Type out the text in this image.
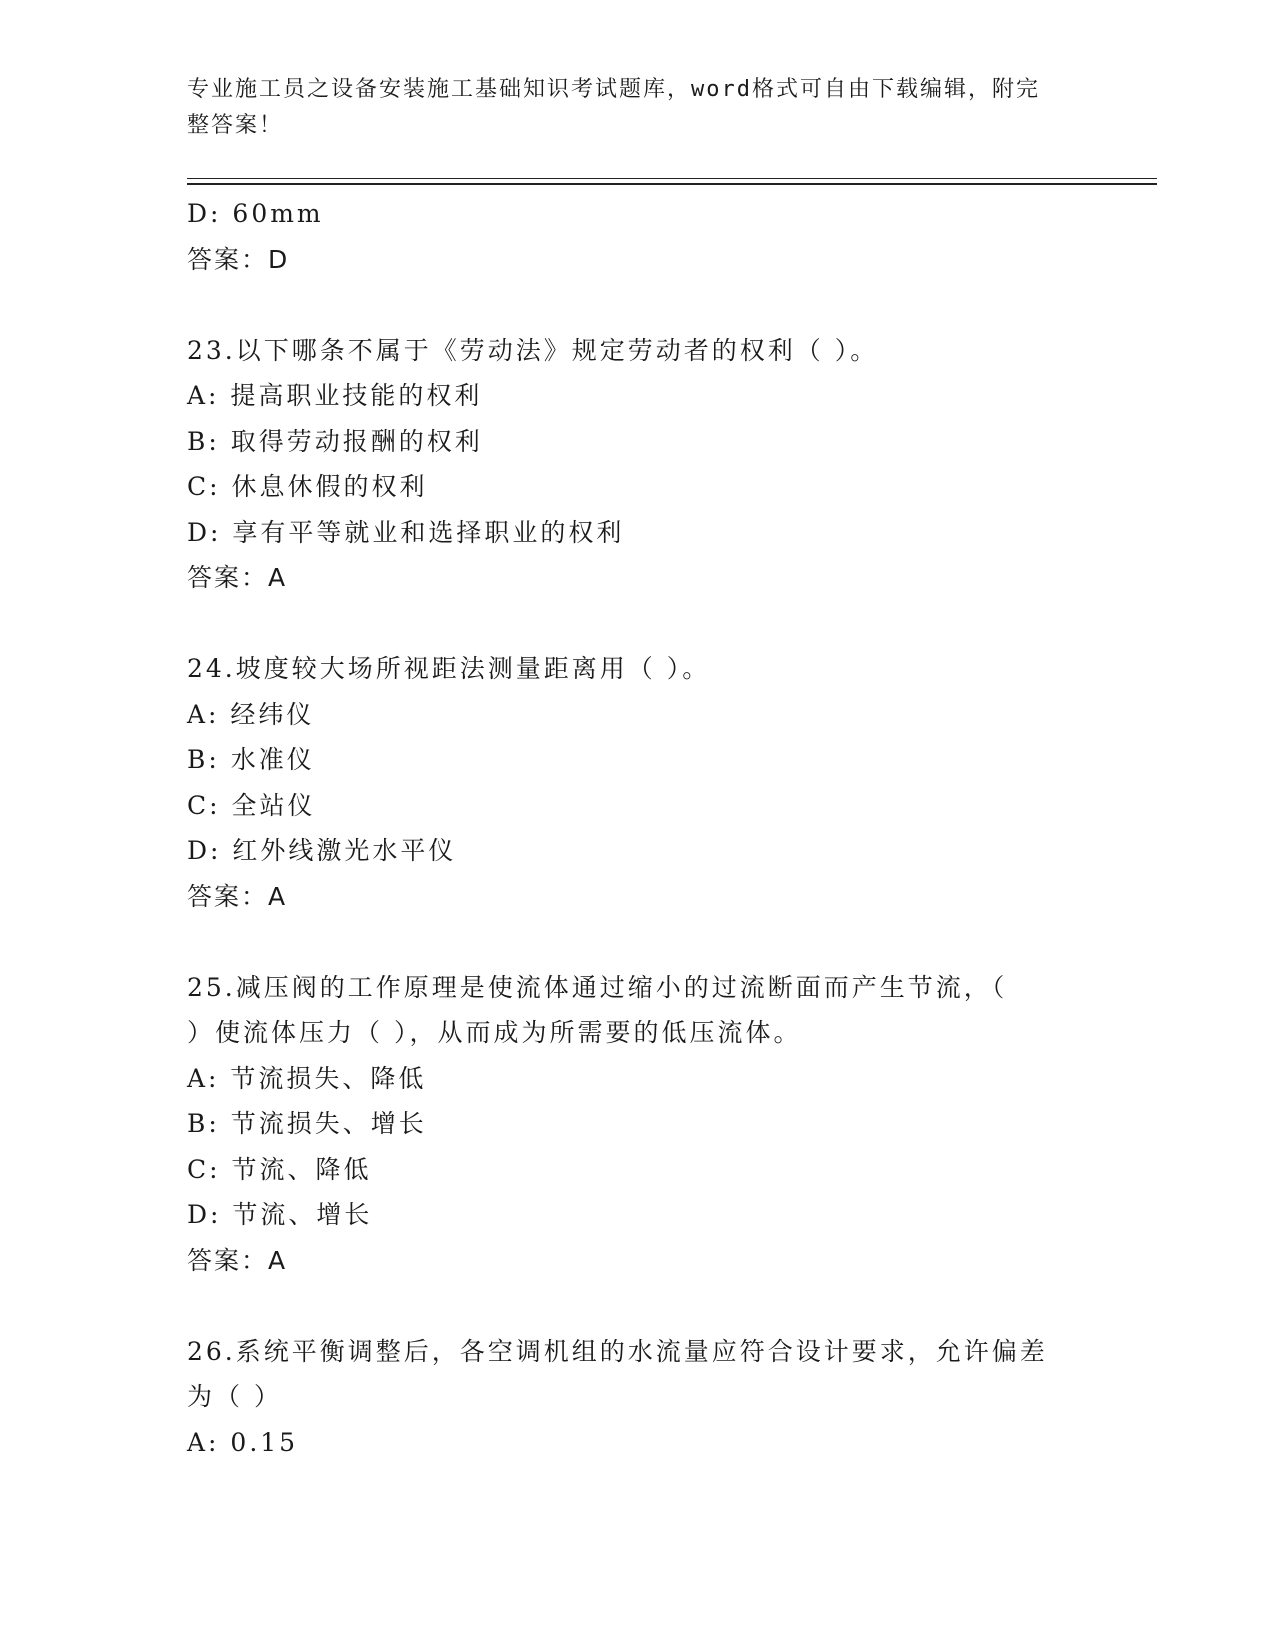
专业施工员之设备安装施工基础知识考试题库，word格式可自由下载编辑，附完
整答案！
D: 60mm
答案：D
23.以下哪条不属于《劳动法》规定劳动者的权利（ ）。
A: 提高职业技能的权利
B: 取得劳动报酬的权利
C: 休息休假的权利
D: 享有平等就业和选择职业的权利
答案：A
24.坡度较大场所视距法测量距离用（ ）。
A: 经纬仪
B: 水准仪
C: 全站仪
D: 红外线激光水平仪
答案：A
25.减压阀的工作原理是使流体通过缩小的过流断面而产生节流，（
）使流体压力（ ），从而成为所需要的低压流体。
A: 节流损失、降低
B: 节流损失、增长
C: 节流、降低
D: 节流、增长
答案：A
26.系统平衡调整后，各空调机组的水流量应符合设计要求，允许偏差
为（ ）
A: 0.15
